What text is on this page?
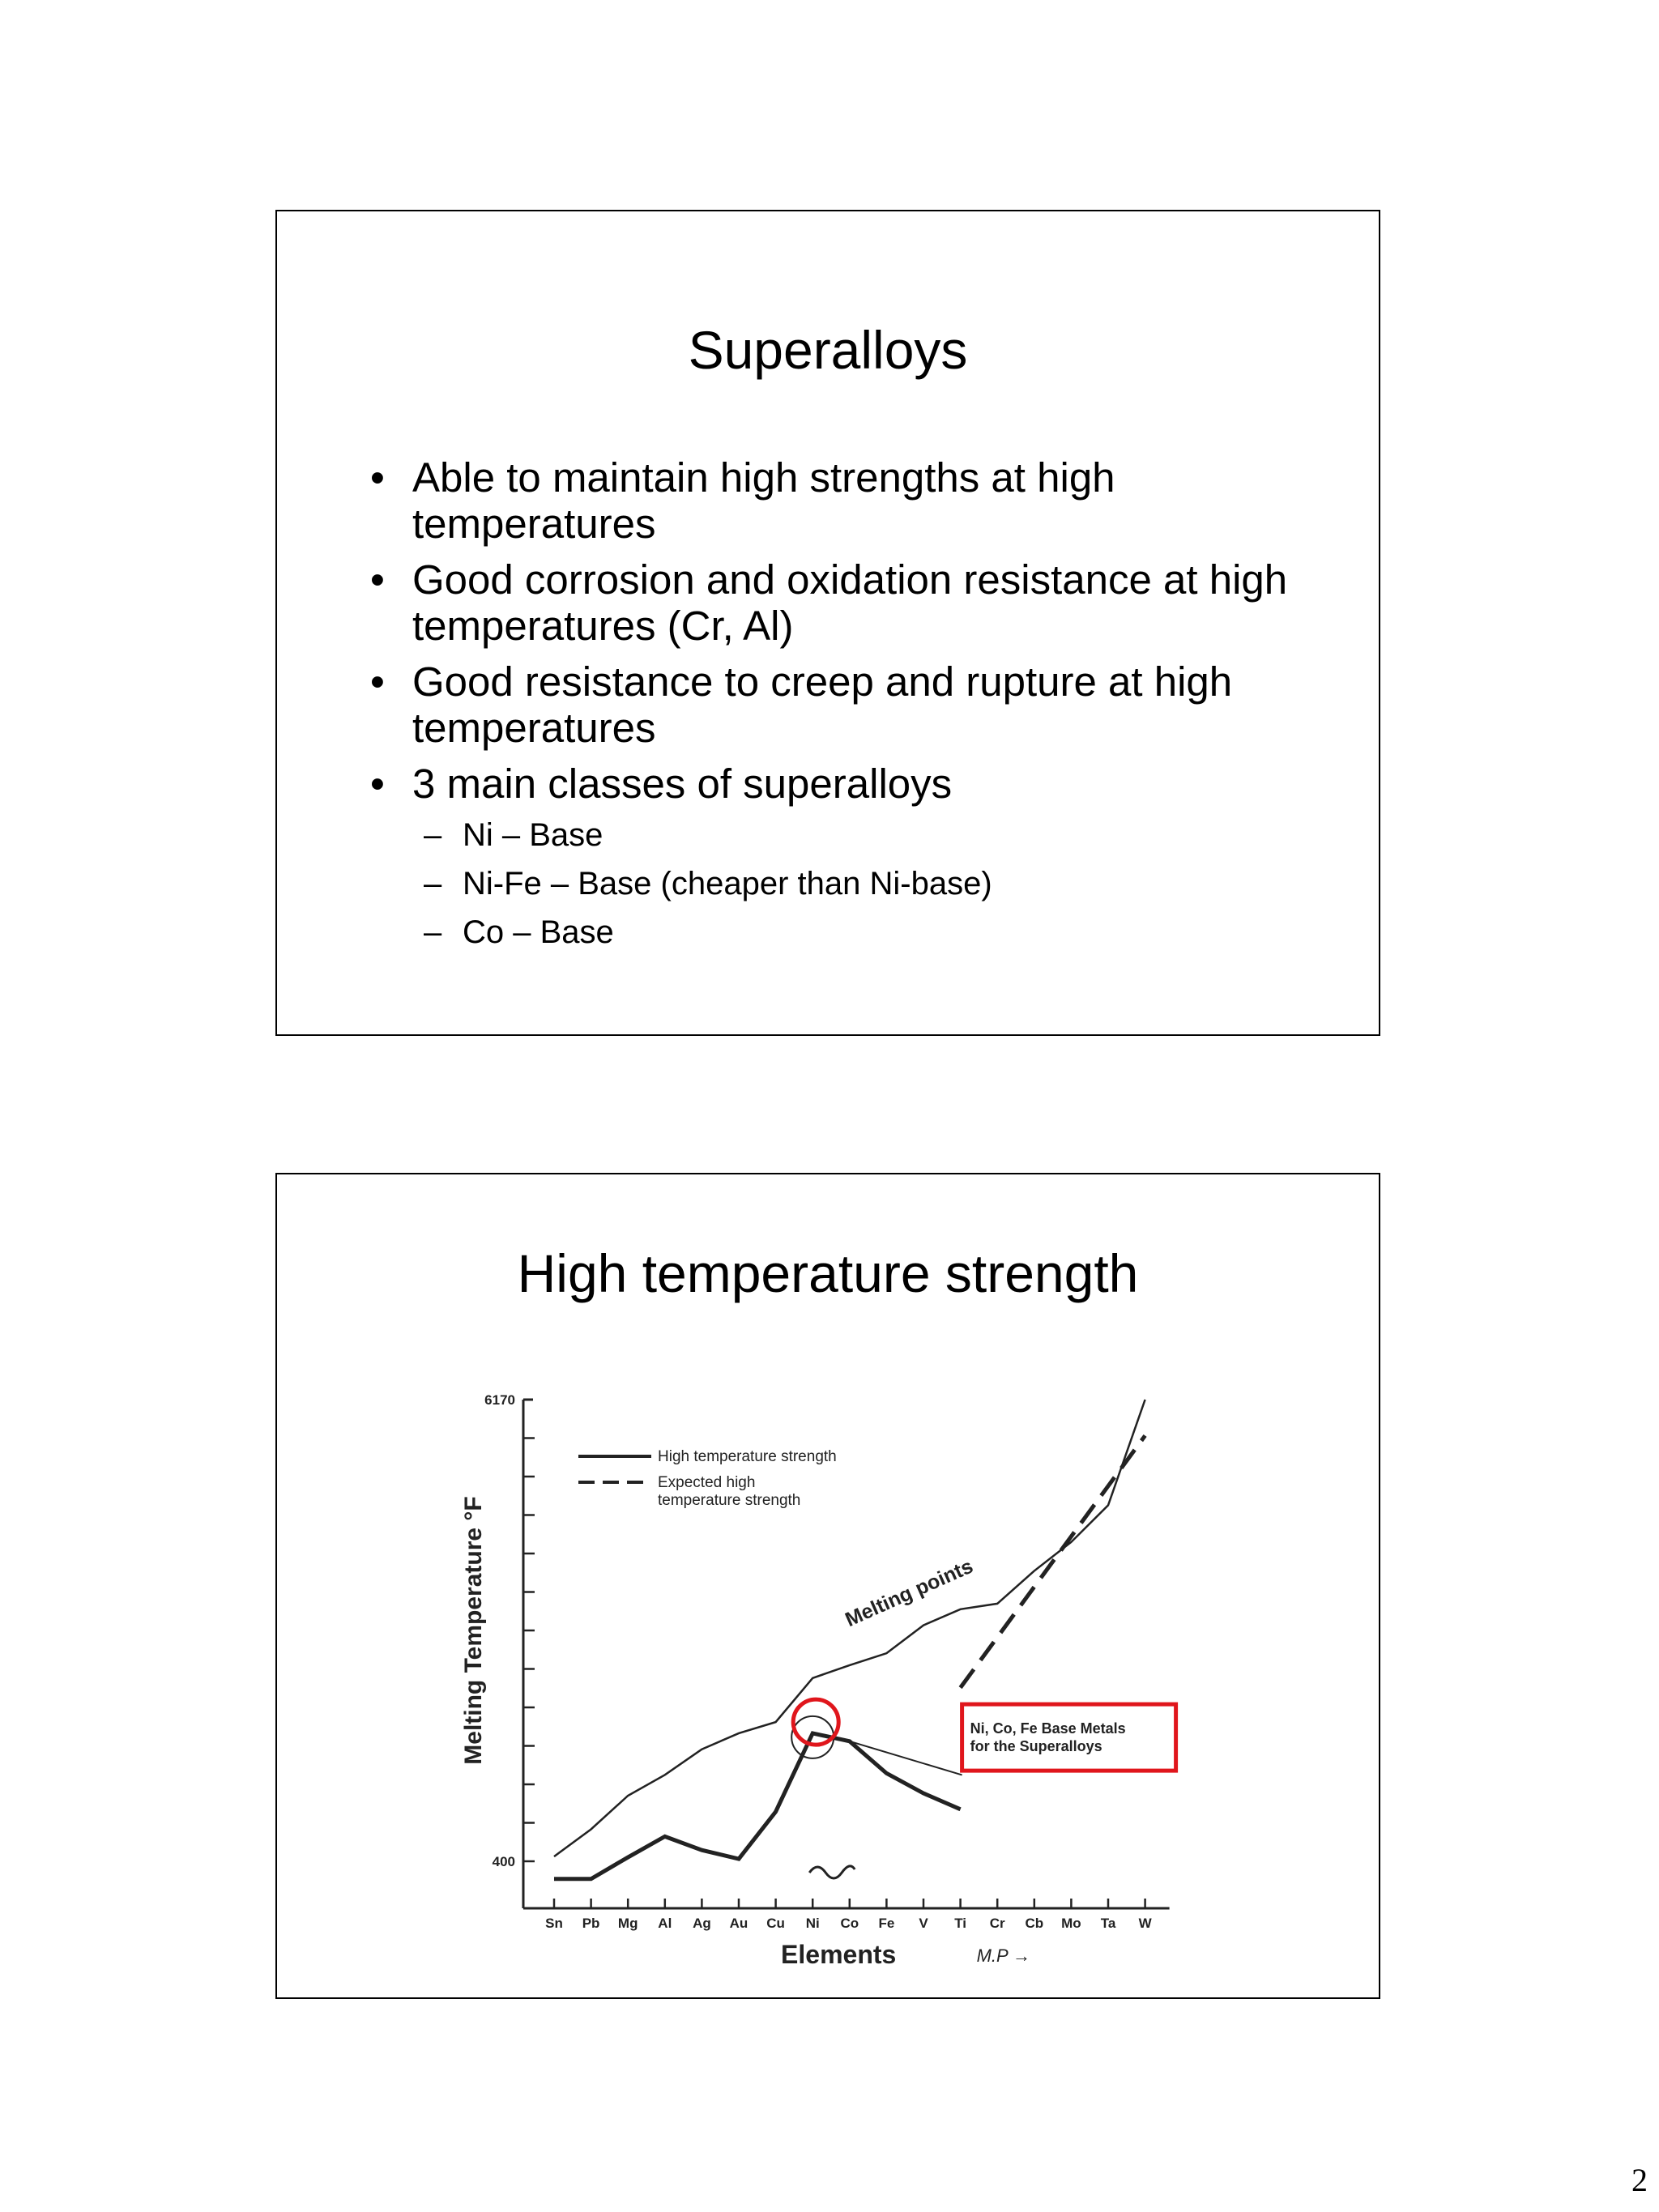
Superalloys
• Able to maintain high strengths at high temperatures
• Good corrosion and oxidation resistance at high temperatures (Cr, Al)
• Good resistance to creep and rupture at high temperatures
• 3 main classes of superalloys
– Ni – Base
– Ni-Fe – Base (cheaper than Ni-base)
– Co – Base
High temperature strength
6170
400
Sn Pb Mg Al Ag Au Cu Ni Co Fe V Ti Cr Cb Mo Ta W
Melting Temperature °F
Elements	M.P →
High temperature strength
Expected high temperature strength
Melting points
Ni, Co, Fe Base Metals for the Superalloys
2
